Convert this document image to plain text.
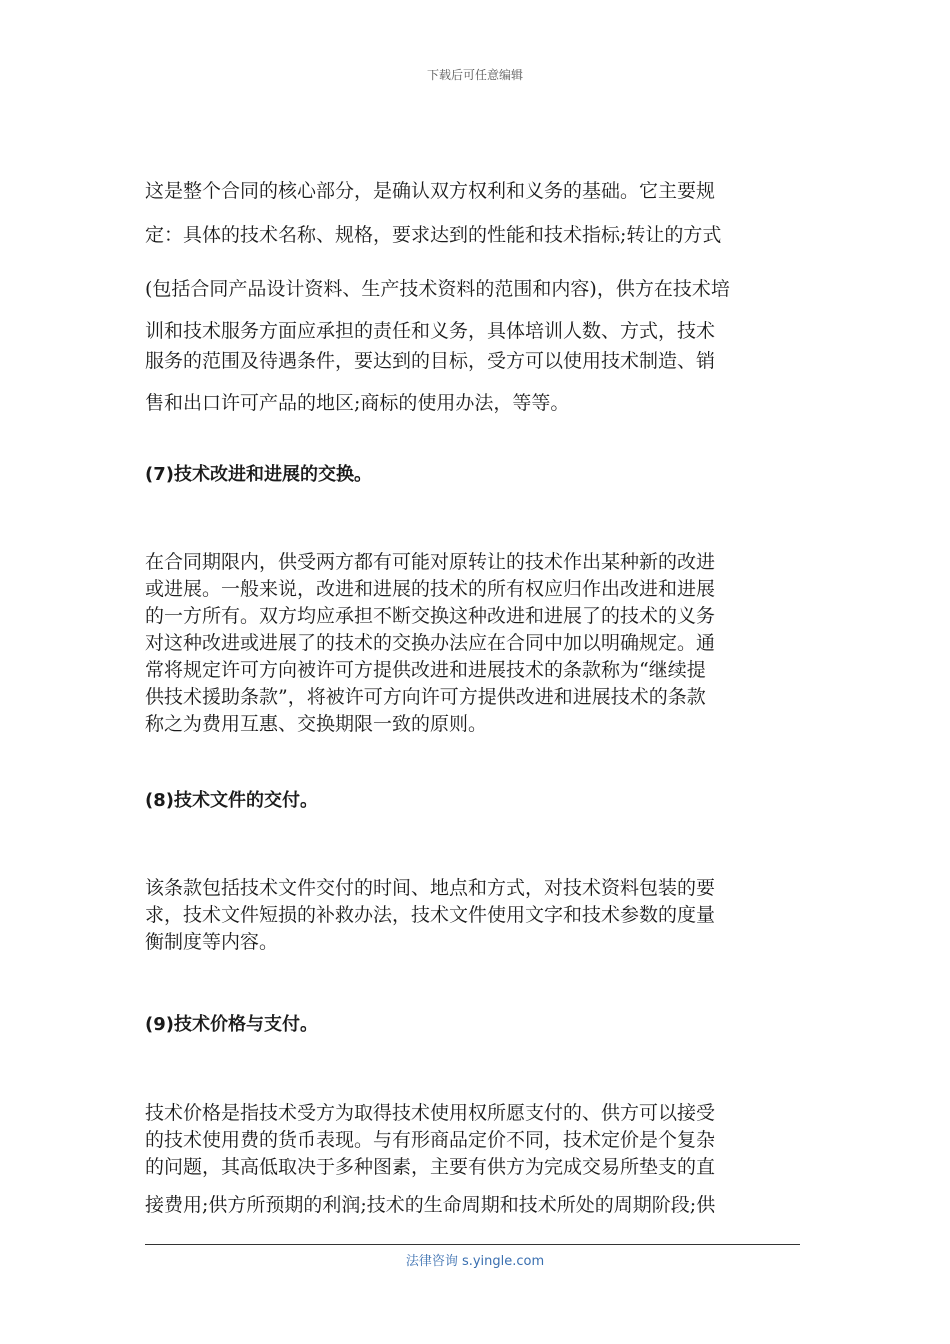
下载后可任意编辑
这是整个合同的核心部分，是确认双方权利和义务的基础。它主要规
定：具体的技术名称、规格，要求达到的性能和技术指标;转让的方式
(包括合同产品设计资料、生产技术资料的范围和内容)，供方在技术培
训和技术服务方面应承担的责任和义务，具体培训人数、方式，技术
服务的范围及待遇条件，要达到的目标，受方可以使用技术制造、销
售和出口许可产品的地区;商标的使用办法，等等。
(7)技术改进和进展的交换。
在合同期限内，供受两方都有可能对原转让的技术作出某种新的改进
或进展。一般来说，改进和进展的技术的所有权应归作出改进和进展
的一方所有。双方均应承担不断交换这种改进和进展了的技术的义务
对这种改进或进展了的技术的交换办法应在合同中加以明确规定。通
常将规定许可方向被许可方提供改进和进展技术的条款称为“继续提
供技术援助条款”，将被许可方向许可方提供改进和进展技术的条款
称之为费用互惠、交换期限一致的原则。
(8)技术文件的交付。
该条款包括技术文件交付的时间、地点和方式，对技术资料包装的要
求，技术文件短损的补救办法，技术文件使用文字和技术参数的度量
衡制度等内容。
(9)技术价格与支付。
技术价格是指技术受方为取得技术使用权所愿支付的、供方可以接受
的技术使用费的货币表现。与有形商品定价不同，技术定价是个复杂
的问题，其高低取决于多种图素，主要有供方为完成交易所垫支的直
接费用;供方所预期的利润;技术的生命周期和技术所处的周期阶段;供
法律咨询 s.yingle.com
